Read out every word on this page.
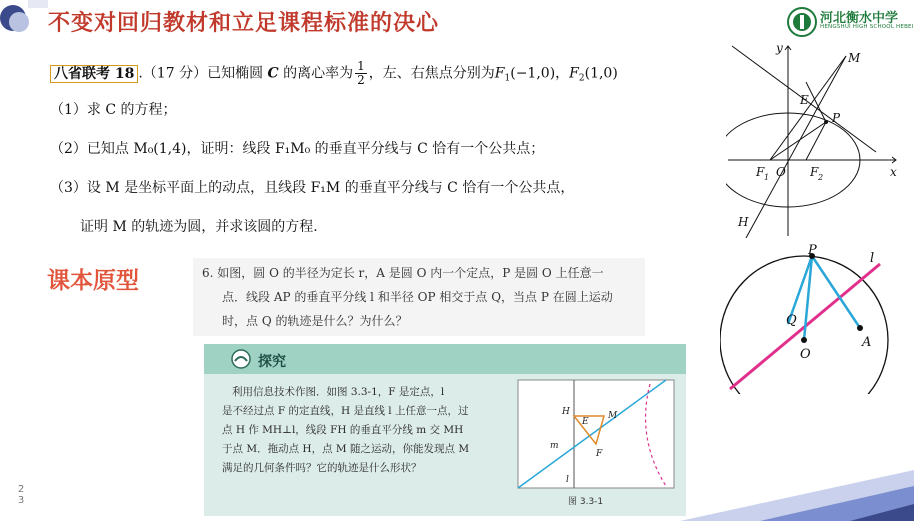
不变对回归教材和立足课程标准的决心	河北衡水中学
HENGSHUI HIGH SCHOOL HEBEI
八省联考 18 .（17 分）已知椭圆 C 的离心率为 $\frac{1}{2}$ ，左、右焦点分别为$F_1(-1,0)$，$F_2(1,0)$
（1）求 C 的方程；
（2）已知点 M₀(1,4)，证明：线段 F₁M₀ 的垂直平分线与 C 恰有一个公共点；
（3）设 M 是坐标平面上的动点，且线段 F₁M 的垂直平分线与 C 恰有一个公共点，
证明 M 的轨迹为圆，并求该圆的方程.
y
x
M
E
P
O
F 1	F 2
H
P
l
Q
O
A
课本原型	6. 如图，圆 O 的半径为定长 r，A 是圆 O 内一个定点，P 是圆 O 上任意一
点．线段 AP 的垂直平分线 l 和半径 OP 相交于点 Q，当点 P 在圆上运动
时，点 Q 的轨迹是什么？为什么？
探究
利用信息技术作图．如图 3.3-1，F 是定点，l
是不经过点 F 的定直线，H 是直线 l 上任意一点，过
点 H 作 MH⊥l，线段 FH 的垂直平分线 m 交 MH
于点 M．拖动点 H，点 M 随之运动，你能发现点 M
满足的几何条件吗？它的轨迹是什么形状？
H
E
M
F
m
l
图 3.3-1
2
3
